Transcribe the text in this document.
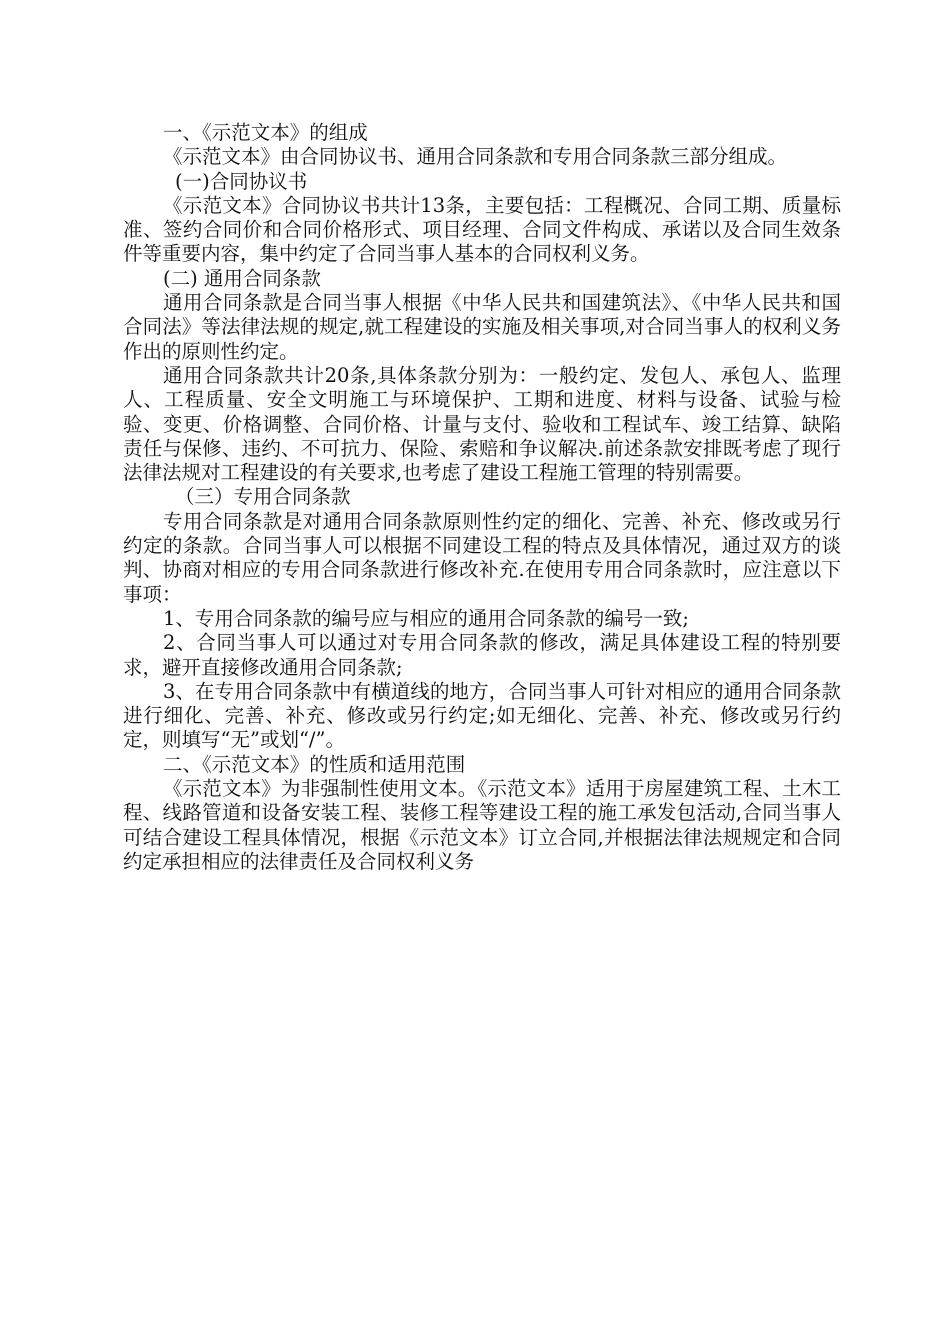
一、《示范文本》的组成

《示范文本》由合同协议书、通用合同条款和专用合同条款三部分组成。

(一)合同协议书

《示范文本》合同协议书共计13条，主要包括：工程概况、合同工期、质量标准、签约合同价和合同价格形式、项目经理、合同文件构成、承诺以及合同生效条件等重要内容，集中约定了合同当事人基本的合同权利义务。

(二) 通用合同条款

通用合同条款是合同当事人根据《中华人民共和国建筑法》、《中华人民共和国合同法》等法律法规的规定,就工程建设的实施及相关事项,对合同当事人的权利义务作出的原则性约定。

通用合同条款共计20条,具体条款分别为：一般约定、发包人、承包人、监理人、工程质量、安全文明施工与环境保护、工期和进度、材料与设备、试验与检验、变更、价格调整、合同价格、计量与支付、验收和工程试车、竣工结算、缺陷责任与保修、违约、不可抗力、保险、索赔和争议解决.前述条款安排既考虑了现行法律法规对工程建设的有关要求,也考虑了建设工程施工管理的特别需要。

（三）专用合同条款

专用合同条款是对通用合同条款原则性约定的细化、完善、补充、修改或另行约定的条款。合同当事人可以根据不同建设工程的特点及具体情况，通过双方的谈判、协商对相应的专用合同条款进行修改补充.在使用专用合同条款时，应注意以下事项：

1、专用合同条款的编号应与相应的通用合同条款的编号一致;

2、合同当事人可以通过对专用合同条款的修改，满足具体建设工程的特别要求，避开直接修改通用合同条款;

3、在专用合同条款中有横道线的地方，合同当事人可针对相应的通用合同条款进行细化、完善、补充、修改或另行约定;如无细化、完善、补充、修改或另行约定，则填写“无”或划“/”。

二、《示范文本》的性质和适用范围

《示范文本》为非强制性使用文本。《示范文本》适用于房屋建筑工程、土木工程、线路管道和设备安装工程、装修工程等建设工程的施工承发包活动,合同当事人可结合建设工程具体情况，根据《示范文本》订立合同,并根据法律法规规定和合同约定承担相应的法律责任及合同权利义务
